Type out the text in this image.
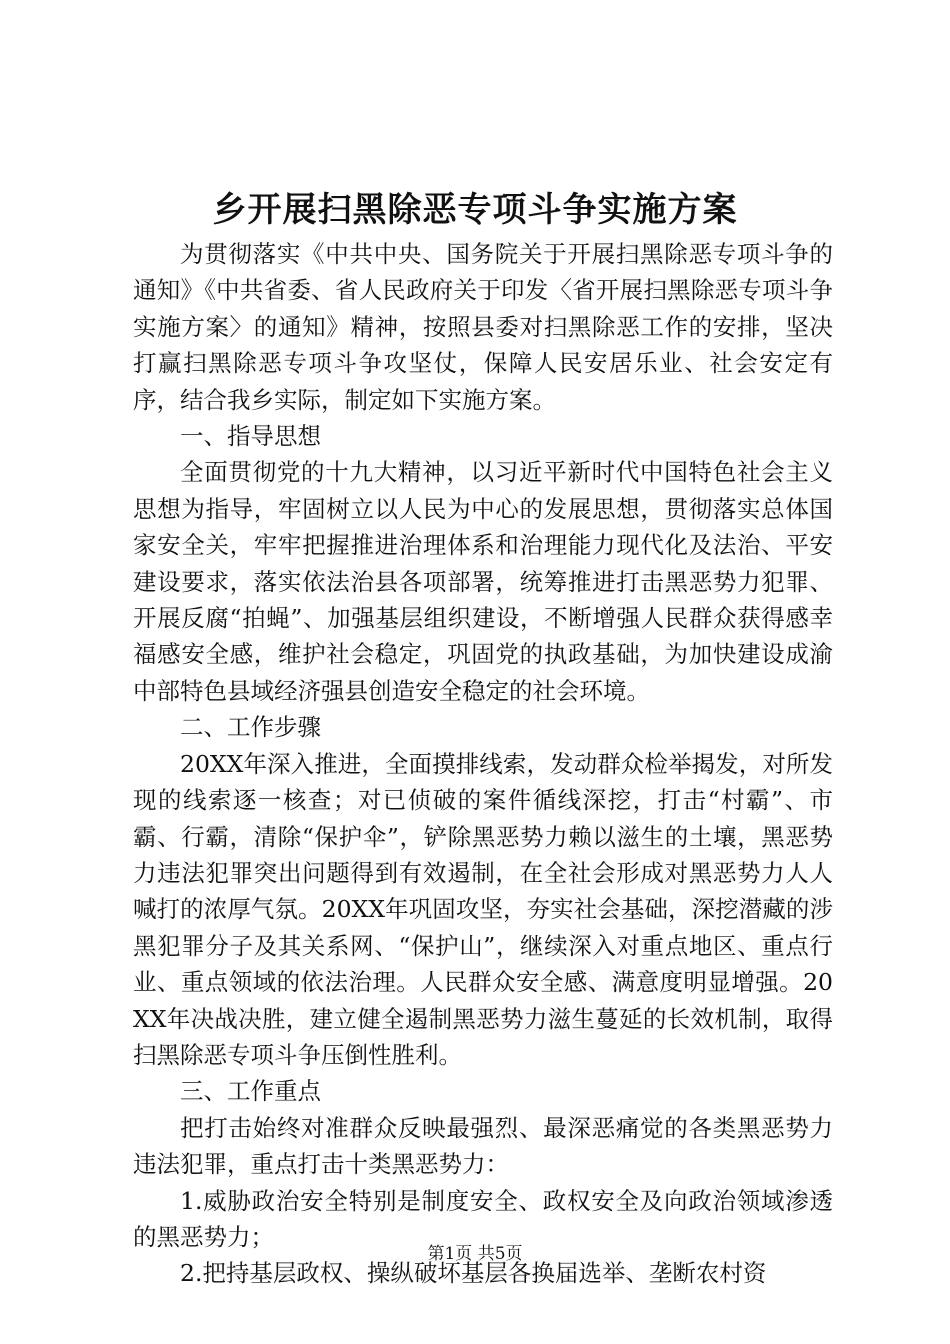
乡开展扫黑除恶专项斗争实施方案

为贯彻落实《中共中央、国务院关于开展扫黑除恶专项斗争的通知》《中共省委、省人民政府关于印发〈省开展扫黑除恶专项斗争实施方案〉的通知》精神，按照县委对扫黑除恶工作的安排，坚决打赢扫黑除恶专项斗争攻坚仗，保障人民安居乐业、社会安定有序，结合我乡实际，制定如下实施方案。

一、指导思想

全面贯彻党的十九大精神，以习近平新时代中国特色社会主义思想为指导，牢固树立以人民为中心的发展思想，贯彻落实总体国家安全关，牢牢把握推进治理体系和治理能力现代化及法治、平安建设要求，落实依法治县各项部署，统筹推进打击黑恶势力犯罪、开展反腐“拍蝇”、加强基层组织建设，不断增强人民群众获得感幸福感安全感，维护社会稳定，巩固党的执政基础，为加快建设成渝中部特色县域经济强县创造安全稳定的社会环境。

二、工作步骤

20XX年深入推进，全面摸排线索，发动群众检举揭发，对所发现的线索逐一核查；对已侦破的案件循线深挖，打击“村霸”、市霸、行霸，清除“保护伞”，铲除黑恶势力赖以滋生的土壤，黑恶势力违法犯罪突出问题得到有效遏制，在全社会形成对黑恶势力人人喊打的浓厚气氛。20XX年巩固攻坚，夯实社会基础，深挖潜藏的涉黑犯罪分子及其关系网、“保护山”，继续深入对重点地区、重点行业、重点领域的依法治理。人民群众安全感、满意度明显增强。20XX年决战决胜，建立健全遏制黑恶势力滋生蔓延的长效机制，取得扫黑除恶专项斗争压倒性胜利。

三、工作重点

把打击始终对准群众反映最强烈、最深恶痛觉的各类黑恶势力违法犯罪，重点打击十类黑恶势力：

1.威胁政治安全特别是制度安全、政权安全及向政治领域渗透的黑恶势力；

2.把持基层政权、操纵破坏基层各换届选举、垄断农村资

第1页 共5页
